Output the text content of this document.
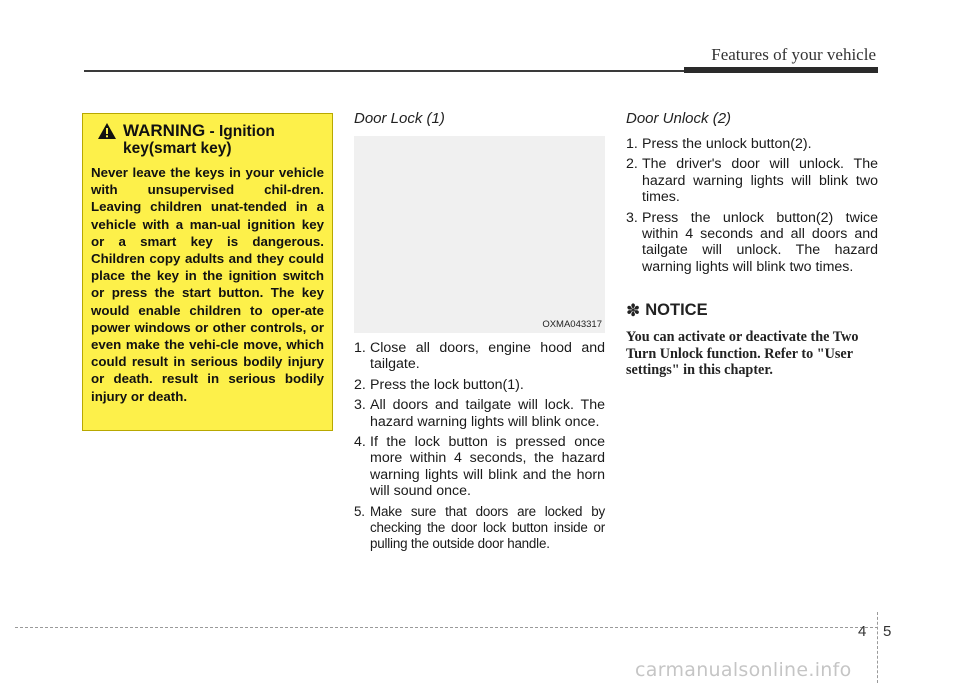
Features of your vehicle
WARNING - Ignition key(smart key)
Never leave the keys in your vehicle with unsupervised chil-dren. Leaving children unat-tended in a vehicle with a man-ual ignition key or a smart key is dangerous. Children copy adults and they could place the key in the ignition switch or press the start button. The key would enable children to oper-ate power windows or other controls, or even make the vehi-cle move, which could result in serious bodily injury or death. result in serious bodily injury or death.
Door Lock (1)
OXMA043317
1. Close all doors, engine hood and tailgate.
2. Press the lock button(1).
3. All doors and tailgate will lock. The hazard warning lights will blink once.
4. If the lock button is pressed once more within 4 seconds, the hazard warning lights will blink and the horn will sound once.
5. Make sure that doors are locked by checking the door lock button inside or pulling the outside door handle.
Door Unlock (2)
1. Press the unlock button(2).
2. The driver's door will unlock. The hazard warning lights will blink two times.
3. Press the unlock button(2) twice within 4 seconds and all doors and tailgate will unlock. The hazard warning lights will blink two times.
✽ NOTICE
You can activate or deactivate the Two Turn Unlock function. Refer to "User settings" in this chapter.
4 5
carmanualsonline.info
